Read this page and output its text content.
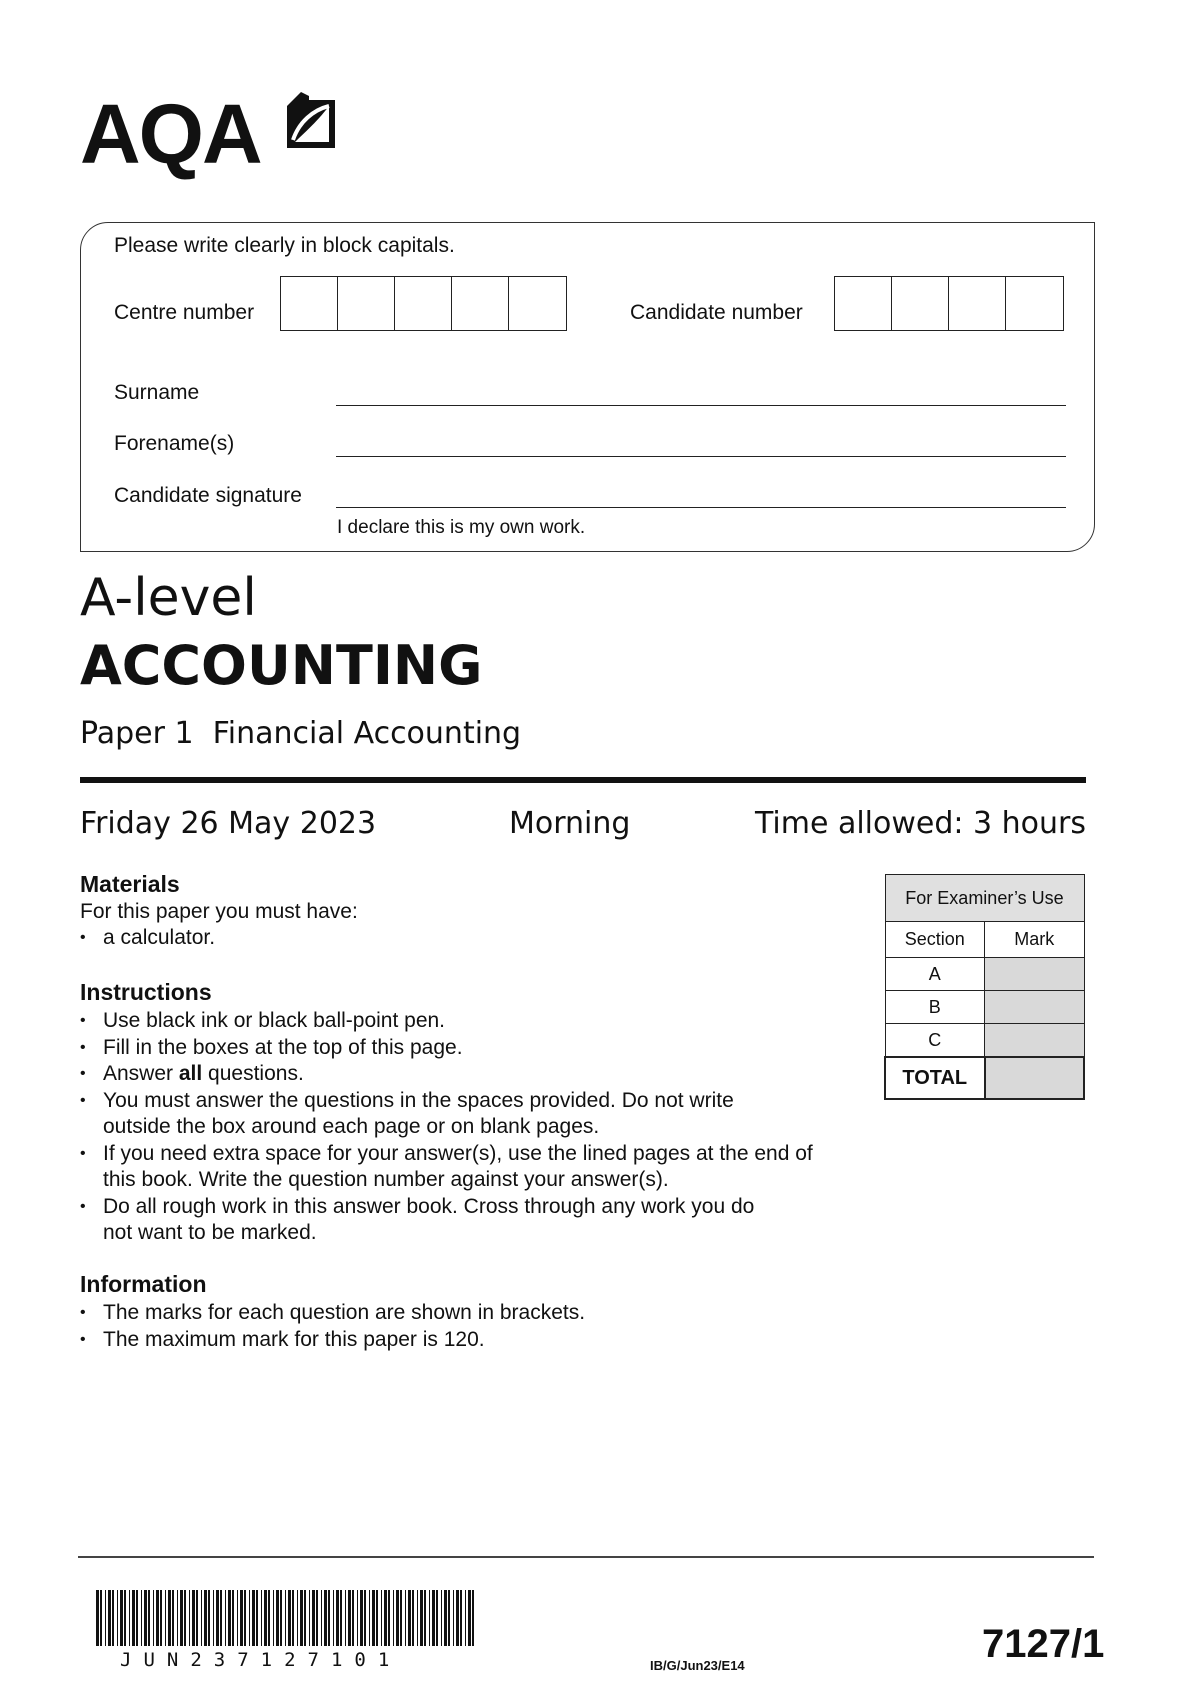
AQA
Please write clearly in block capitals.
Centre number	Candidate number
Surname
Forename(s)
Candidate signature
I declare this is my own work.
A-level
ACCOUNTING
Paper 1 Financial Accounting
Friday 26 May 2023	Morning	Time allowed: 3 hours
Materials
For this paper you must have:
• a calculator.
Instructions
• Use black ink or black ball-point pen.
• Fill in the boxes at the top of this page.
• Answer all questions.
• You must answer the questions in the spaces provided. Do not write outside the box around each page or on blank pages.
• If you need extra space for your answer(s), use the lined pages at the end of this book. Write the question number against your answer(s).
• Do all rough work in this answer book. Cross through any work you do not want to be marked.
Information
• The marks for each question are shown in brackets.
• The maximum mark for this paper is 120.
For Examiner’s Use	
Section	Mark
A	
B	
C	
TOTAL	
JUN237127101	IB/G/Jun23/E14	7127/1
